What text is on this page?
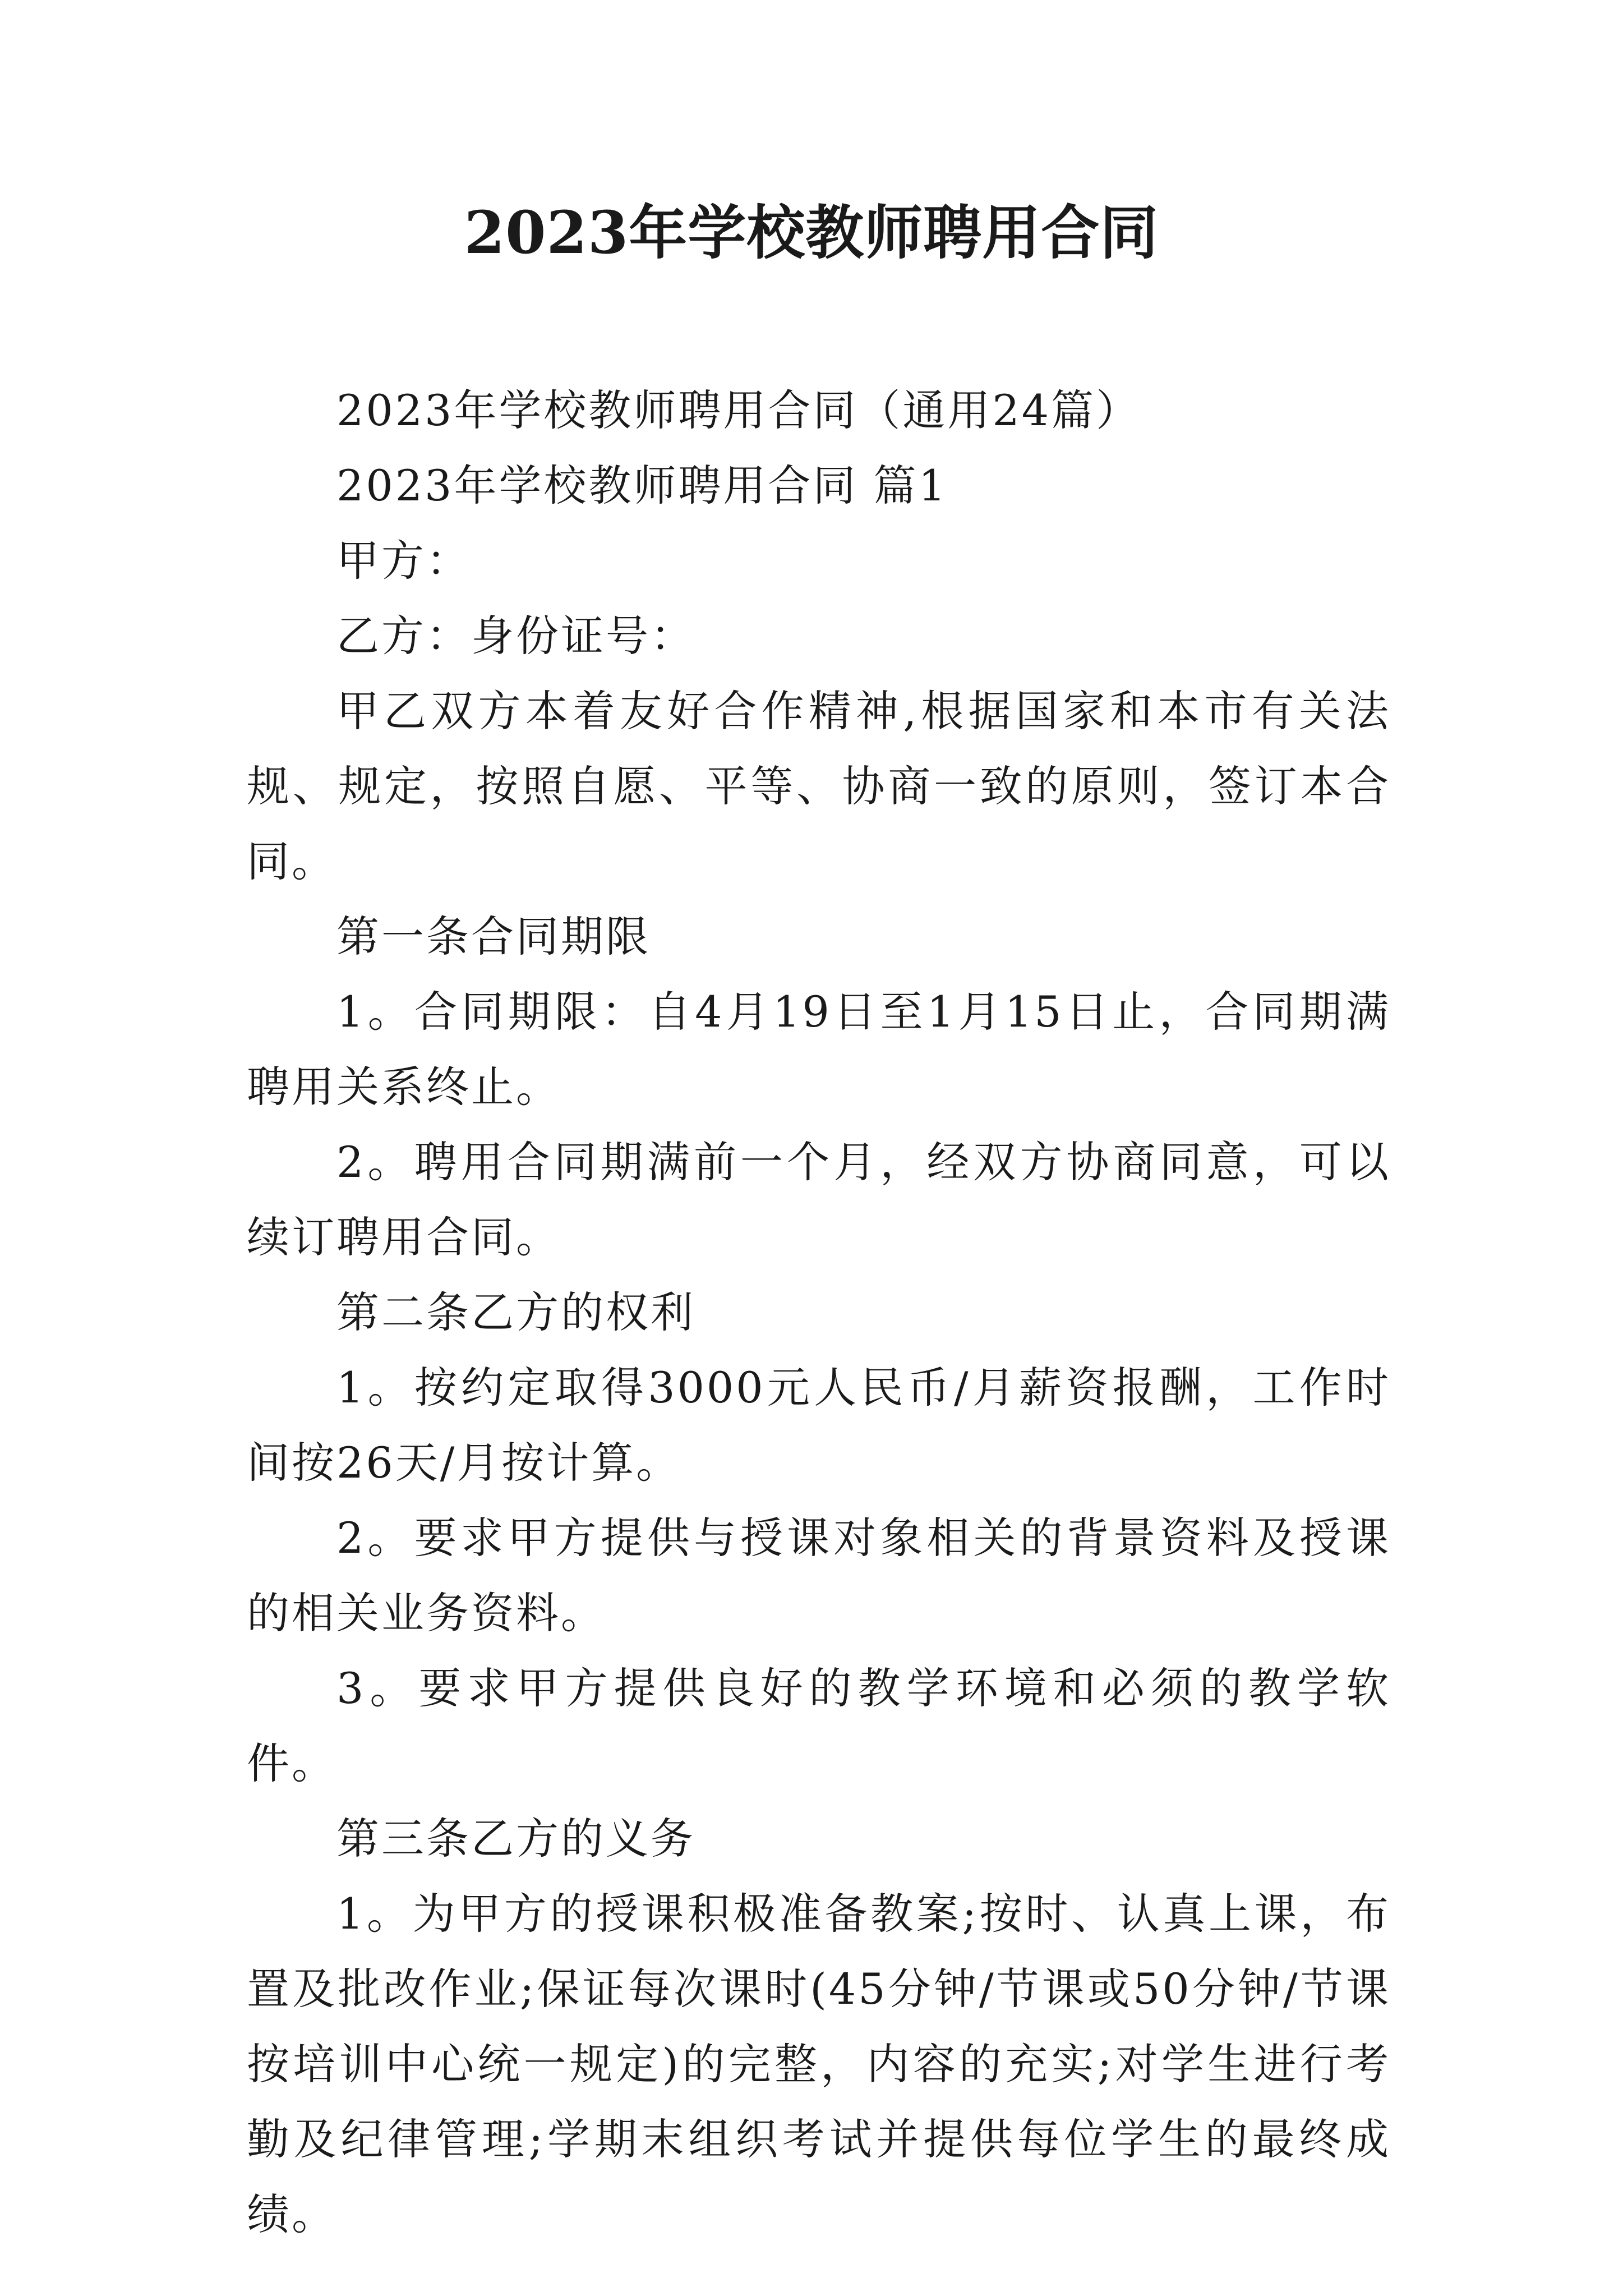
2023年学校教师聘用合同

2023年学校教师聘用合同（通用24篇）

2023年学校教师聘用合同 篇1

甲方：

乙方：身份证号：

甲乙双方本着友好合作精神,根据国家和本市有关法规、规定，按照自愿、平等、协商一致的原则，签订本合同。

第一条合同期限

1。合同期限：自4月19日至1月15日止，合同期满聘用关系终止。

2。聘用合同期满前一个月，经双方协商同意，可以续订聘用合同。

第二条乙方的权利

1。按约定取得3000元人民币/月薪资报酬，工作时间按26天/月按计算。

2。要求甲方提供与授课对象相关的背景资料及授课的相关业务资料。

3。要求甲方提供良好的教学环境和必须的教学软件。

第三条乙方的义务

1。为甲方的授课积极准备教案;按时、认真上课，布置及批改作业;保证每次课时(45分钟/节课或50分钟/节课按培训中心统一规定)的完整，内容的充实;对学生进行考勤及纪律管理;学期末组织考试并提供每位学生的最终成绩。
